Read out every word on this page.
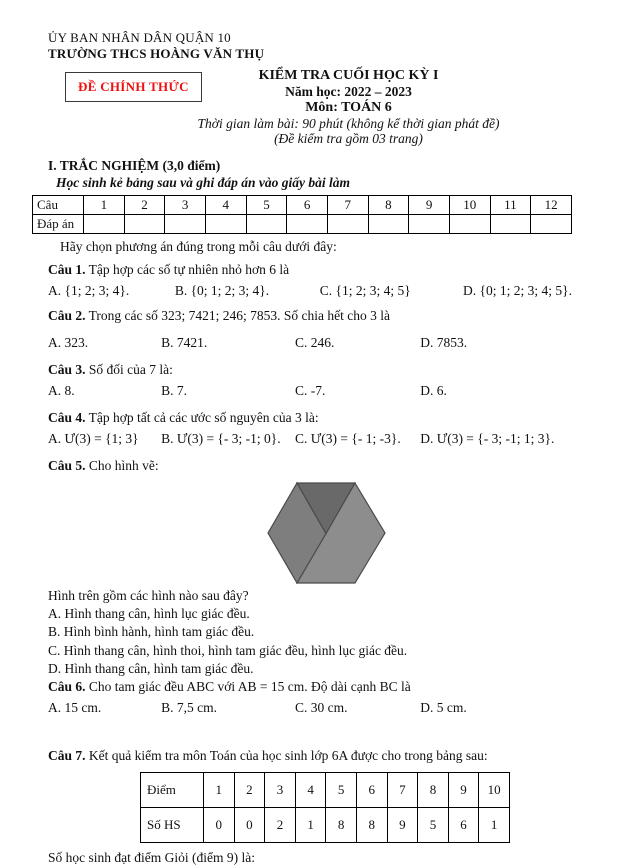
ỦY BAN NHÂN DÂN QUẬN 10
TRƯỜNG THCS HOÀNG VĂN THỤ
ĐỀ CHÍNH THỨC
KIỂM TRA CUỐI HỌC KỲ I
Năm học: 2022 – 2023
Môn: TOÁN 6
Thời gian làm bài: 90 phút (không kể thời gian phát đề)
(Đề kiểm tra gồm 03 trang)
I. TRẮC NGHIỆM (3,0 điểm)
Học sinh kẻ bảng sau và ghi đáp án vào giấy bài làm
Câu	1	2	3	4	5	6	7	8	9	10	11	12
Đáp án												
Hãy chọn phương án đúng trong mỗi câu dưới đây:
Câu 1. Tập hợp các số tự nhiên nhỏ hơn 6 là
A. {1; 2; 3; 4}.	B. {0; 1; 2; 3; 4}.	C. {1; 2; 3; 4; 5}	D. {0; 1; 2; 3; 4; 5}.
Câu 2. Trong các số 323; 7421; 246; 7853. Số chia hết cho 3 là
A. 323.	B. 7421.	C. 246.	D. 7853.
Câu 3. Số đối của 7 là:
A. 8.	B. 7.	C. -7.	D. 6.
Câu 4. Tập hợp tất cả các ước số nguyên của 3 là:
A. Ư(3) = {1; 3}	B. Ư(3) = {- 3; -1; 0}.	C. Ư(3) = {- 1; -3}.	D. Ư(3) = {- 3; -1; 1; 3}.
Câu 5. Cho hình vẽ:
Hình trên gồm các hình nào sau đây?
A. Hình thang cân, hình lục giác đều.
B. Hình bình hành, hình tam giác đều.
C. Hình thang cân, hình thoi, hình tam giác đều, hình lục giác đều.
D. Hình thang cân, hình tam giác đều.
Câu 6. Cho tam giác đều ABC với AB = 15 cm. Độ dài cạnh BC là
A. 15 cm.	B. 7,5 cm.	C. 30 cm.	D. 5 cm.
Câu 7. Kết quả kiểm tra môn Toán của học sinh lớp 6A được cho trong bảng sau:
Điểm	1	2	3	4	5	6	7	8	9	10
Số HS	0	0	2	1	8	8	9	5	6	1
Số học sinh đạt điểm Giỏi (điểm 9) là:
